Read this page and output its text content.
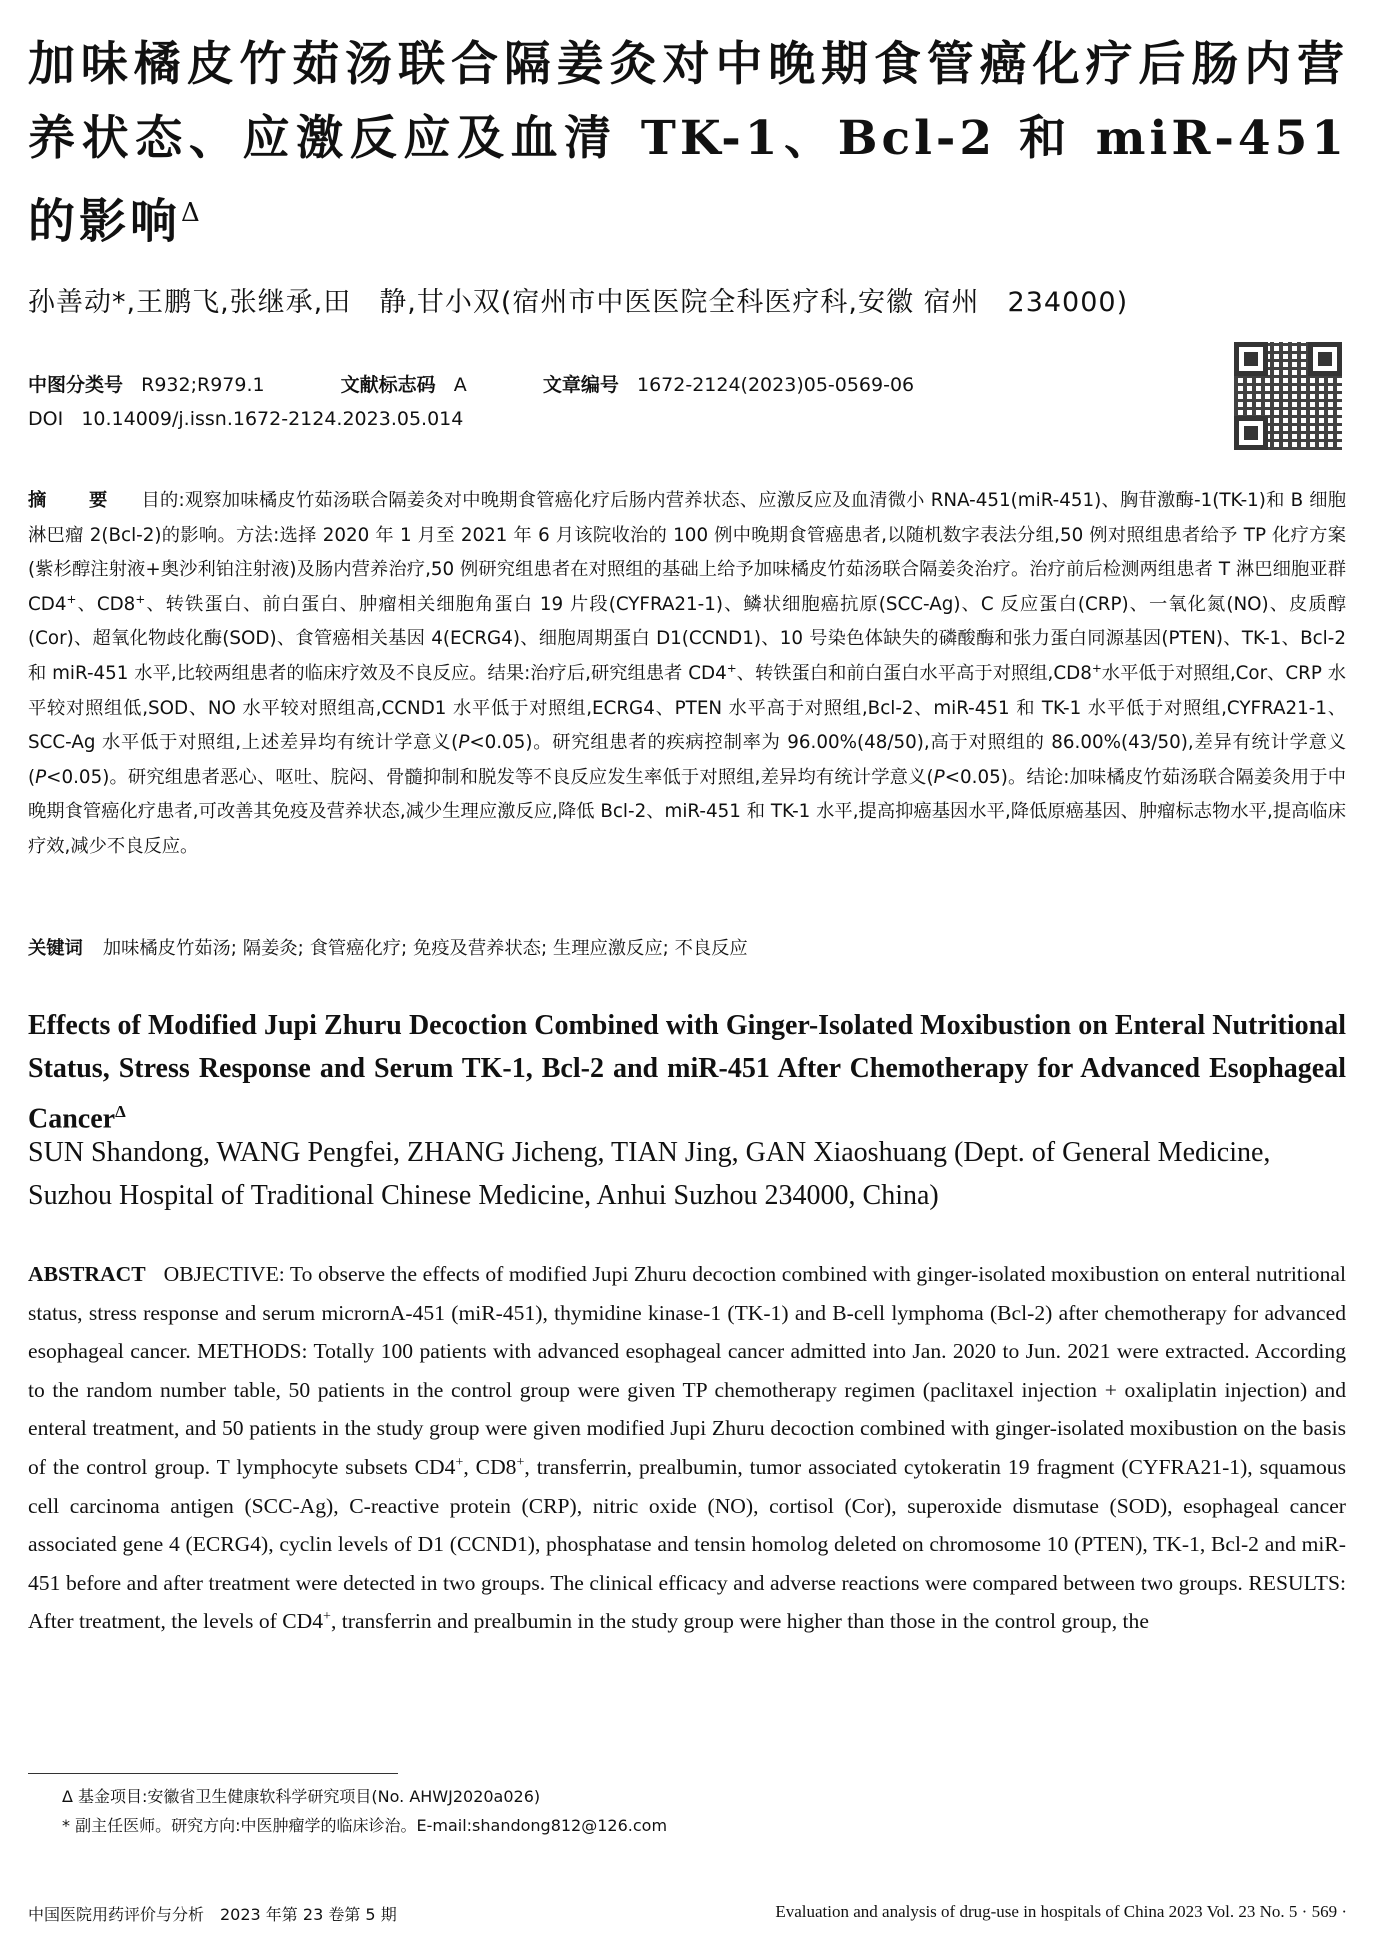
加味橘皮竹茹汤联合隔姜灸对中晚期食管癌化疗后肠内营养状态、应激反应及血清 TK-1、Bcl-2 和 miR-451 的影响$^\Delta$
孙善动*,王鹏飞,张继承,田　静,甘小双(宿州市中医医院全科医疗科,安徽 宿州　234000)
中图分类号 R932;R979.1	文献标志码 A	文章编号 1672-2124(2023)05-0569-06
DOI 10.14009/j.issn.1672-2124.2023.05.014
摘　要 目的:观察加味橘皮竹茹汤联合隔姜灸对中晚期食管癌化疗后肠内营养状态、应激反应及血清微小 RNA-451(miR-451)、胸苷激酶-1(TK-1)和 B 细胞淋巴瘤 2(Bcl-2)的影响。方法:选择 2020 年 1 月至 2021 年 6 月该院收治的 100 例中晚期食管癌患者,以随机数字表法分组,50 例对照组患者给予 TP 化疗方案(紫杉醇注射液+奥沙利铂注射液)及肠内营养治疗,50 例研究组患者在对照组的基础上给予加味橘皮竹茹汤联合隔姜灸治疗。治疗前后检测两组患者 T 淋巴细胞亚群 CD4+、CD8+、转铁蛋白、前白蛋白、肿瘤相关细胞角蛋白 19 片段(CYFRA21-1)、鳞状细胞癌抗原(SCC-Ag)、C 反应蛋白(CRP)、一氧化氮(NO)、皮质醇(Cor)、超氧化物歧化酶(SOD)、食管癌相关基因 4(ECRG4)、细胞周期蛋白 D1(CCND1)、10 号染色体缺失的磷酸酶和张力蛋白同源基因(PTEN)、TK-1、Bcl-2 和 miR-451 水平,比较两组患者的临床疗效及不良反应。结果:治疗后,研究组患者 CD4+、转铁蛋白和前白蛋白水平高于对照组,CD8+水平低于对照组,Cor、CRP 水平较对照组低,SOD、NO 水平较对照组高,CCND1 水平低于对照组,ECRG4、PTEN 水平高于对照组,Bcl-2、miR-451 和 TK-1 水平低于对照组,CYFRA21-1、SCC-Ag 水平低于对照组,上述差异均有统计学意义(P<0.05)。研究组患者的疾病控制率为 96.00%(48/50),高于对照组的 86.00%(43/50),差异有统计学意义(P<0.05)。研究组患者恶心、呕吐、脘闷、骨髓抑制和脱发等不良反应发生率低于对照组,差异均有统计学意义(P<0.05)。结论:加味橘皮竹茹汤联合隔姜灸用于中晚期食管癌化疗患者,可改善其免疫及营养状态,减少生理应激反应,降低 Bcl-2、miR-451 和 TK-1 水平,提高抑癌基因水平,降低原癌基因、肿瘤标志物水平,提高临床疗效,减少不良反应。
关键词 加味橘皮竹茹汤; 隔姜灸; 食管癌化疗; 免疫及营养状态; 生理应激反应; 不良反应
Effects of Modified Jupi Zhuru Decoction Combined with Ginger-Isolated Moxibustion on Enteral Nutritional Status, Stress Response and Serum TK-1, Bcl-2 and miR-451 After Chemotherapy for Advanced Esophageal Cancer$^\Delta$
SUN Shandong, WANG Pengfei, ZHANG Jicheng, TIAN Jing, GAN Xiaoshuang (Dept. of General Medicine, Suzhou Hospital of Traditional Chinese Medicine, Anhui Suzhou 234000, China)
ABSTRACT OBJECTIVE: To observe the effects of modified Jupi Zhuru decoction combined with ginger-isolated moxibustion on enteral nutritional status, stress response and serum micrornA-451 (miR-451), thymidine kinase-1 (TK-1) and B-cell lymphoma (Bcl-2) after chemotherapy for advanced esophageal cancer. METHODS: Totally 100 patients with advanced esophageal cancer admitted into Jan. 2020 to Jun. 2021 were extracted. According to the random number table, 50 patients in the control group were given TP chemotherapy regimen (paclitaxel injection + oxaliplatin injection) and enteral treatment, and 50 patients in the study group were given modified Jupi Zhuru decoction combined with ginger-isolated moxibustion on the basis of the control group. T lymphocyte subsets CD4+, CD8+, transferrin, prealbumin, tumor associated cytokeratin 19 fragment (CYFRA21-1), squamous cell carcinoma antigen (SCC-Ag), C-reactive protein (CRP), nitric oxide (NO), cortisol (Cor), superoxide dismutase (SOD), esophageal cancer associated gene 4 (ECRG4), cyclin levels of D1 (CCND1), phosphatase and tensin homolog deleted on chromosome 10 (PTEN), TK-1, Bcl-2 and miR-451 before and after treatment were detected in two groups. The clinical efficacy and adverse reactions were compared between two groups. RESULTS: After treatment, the levels of CD4+, transferrin and prealbumin in the study group were higher than those in the control group, the
Δ 基金项目:安徽省卫生健康软科学研究项目(No. AHWJ2020a026)
* 副主任医师。研究方向:中医肿瘤学的临床诊治。E-mail:shandong812@126.com
中国医院用药评价与分析　2023 年第 23 卷第 5 期	Evaluation and analysis of drug-use in hospitals of China 2023 Vol. 23 No. 5 · 569 ·
